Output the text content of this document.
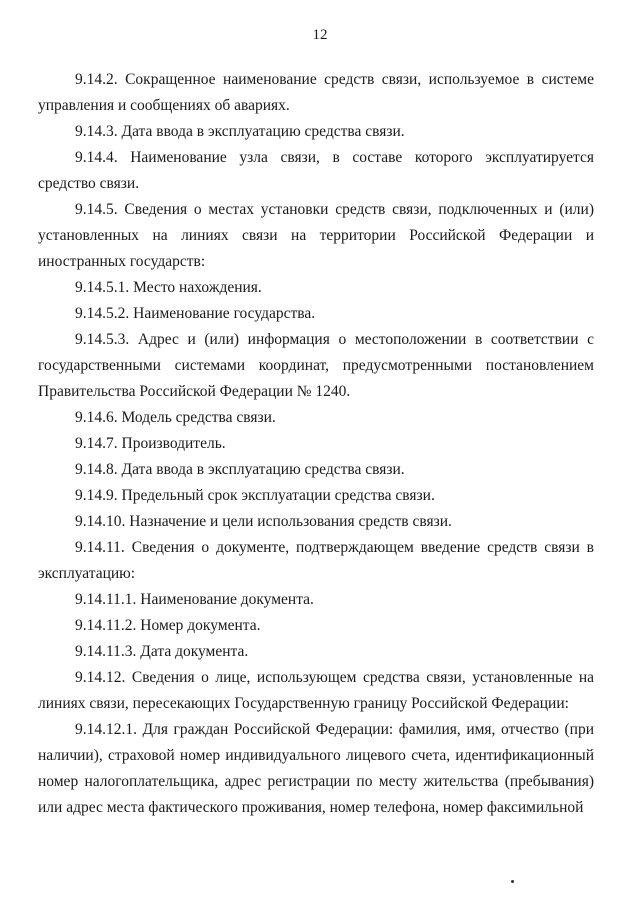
12

9.14.2. Сокращенное наименование средств связи, используемое в системе управления и сообщениях об авариях.

9.14.3. Дата ввода в эксплуатацию средства связи.

9.14.4. Наименование узла связи, в составе которого эксплуатируется средство связи.

9.14.5. Сведения о местах установки средств связи, подключенных и (или) установленных на линиях связи на территории Российской Федерации и иностранных государств:

9.14.5.1. Место нахождения.

9.14.5.2. Наименование государства.

9.14.5.3. Адрес и (или) информация о местоположении в соответствии с государственными системами координат, предусмотренными постановлением Правительства Российской Федерации № 1240.

9.14.6. Модель средства связи.

9.14.7. Производитель.

9.14.8. Дата ввода в эксплуатацию средства связи.

9.14.9. Предельный срок эксплуатации средства связи.

9.14.10. Назначение и цели использования средств связи.

9.14.11. Сведения о документе, подтверждающем введение средств связи в эксплуатацию:

9.14.11.1. Наименование документа.

9.14.11.2. Номер документа.

9.14.11.3. Дата документа.

9.14.12. Сведения о лице, использующем средства связи, установленные на линиях связи, пересекающих Государственную границу Российской Федерации:

9.14.12.1. Для граждан Российской Федерации: фамилия, имя, отчество (при наличии), страховой номер индивидуального лицевого счета, идентификационный номер налогоплательщика, адрес регистрации по месту жительства (пребывания) или адрес места фактического проживания, номер телефона, номер факсимильной
